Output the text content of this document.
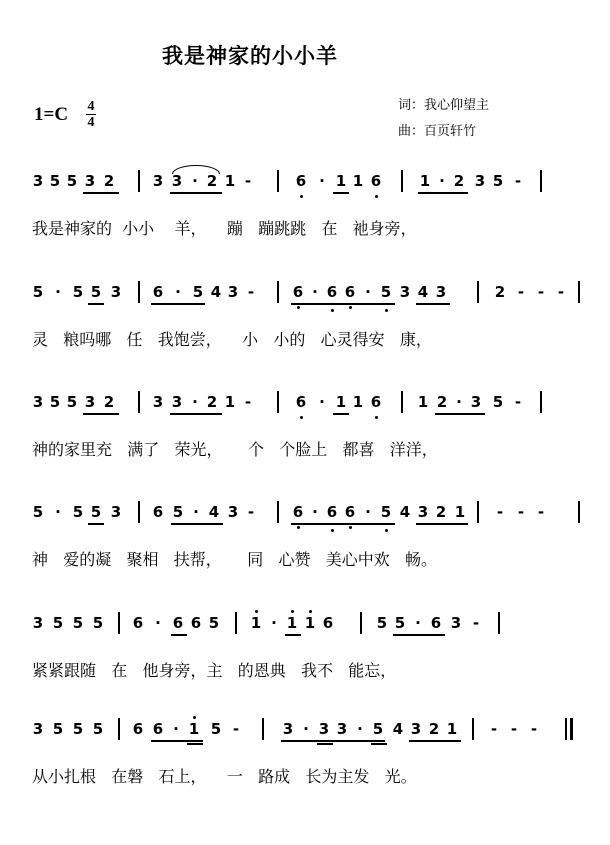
我是神家的小小羊
1=C 4
4
词：我心仰望主
曲：百页轩竹
3 5 5 3 2	3 3 · 2 1 -	6 · 1 1 6	1 · 2 3 5 -
我是神家的  小小    羊，    蹦   蹦跳跳   在   祂身旁，
5 · 5 5 3 6 · 5 4 3 -	6 · 6 6 · 5 3 4 3	2 - - -
灵   粮吗哪   任   我饱尝，    小   小的   心灵得安   康，
3 5 5 3 2	3 3 · 2 1 -	6 · 1 1 6 1 2 · 3 5 -
神的家里充   满了   荣光，     个   个脸上   都喜   洋洋，
5 · 5 5 3 6 5 · 4 3 -	6 · 6 6 · 5 4 3 2 1	- - -
神   爱的凝   聚相   扶帮，     同   心赞   美心中欢   畅。
3 5 5 5 6 · 6 6 5 1 · 1 1 6	5 5 · 6 3 -
紧紧跟随   在   他身旁，主   的恩典   我不   能忘，
3 5 5 5 6 6 · 1 5 -	3 · 3 3 · 5 4 3 2 1	- - -
从小扎根   在磐   石上，    一   路成   长为主发   光。
